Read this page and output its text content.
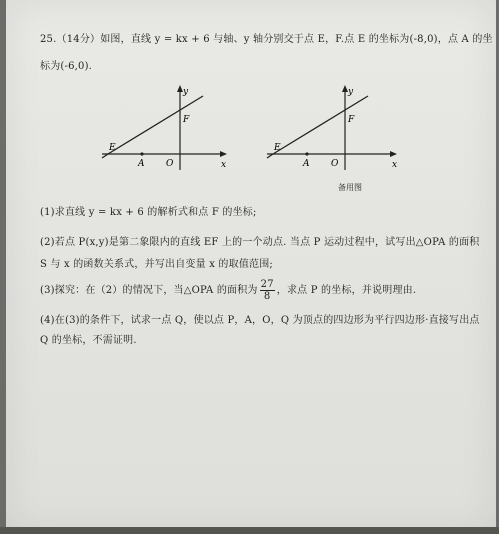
25.（14分）如图，直线 y = kx + 6 与轴、y 轴分别交于点 E，F.点 E 的坐标为(-8,0)，点 A 的坐
标为(-6,0).
y
x
F
E
A O
y
x
F
E
A O
备用图
(1)求直线 y = kx + 6 的解析式和点 F 的坐标;
(2)若点 P(x,y)是第二象限内的直线 EF 上的一个动点. 当点 P 运动过程中，试写出△OPA 的面积
S 与 x 的函数关系式，并写出自变量 x 的取值范围;
(3)探究：在（2）的情况下，当△OPA 的面积为 $\frac{27}{8}$ ，求点 P 的坐标，并说明理由.
(4)在(3)的条件下，试求一点 Q，使以点 P，A，O，Q 为顶点的四边形为平行四边形·直接写出点
Q 的坐标，不需证明.
